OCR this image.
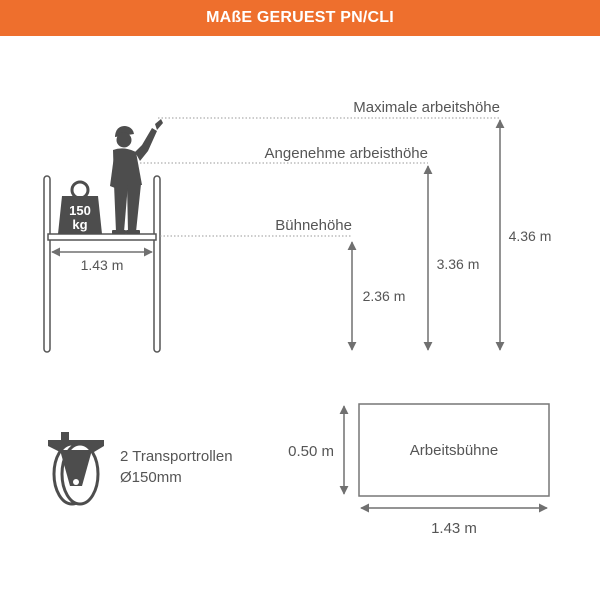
MAßE GERUEST PN/CLI
150
kg
1.43 m
Maximale arbeitshöhe
Angenehme arbeisthöhe
Bühnehöhe
2.36 m
3.36 m
4.36 m
2 Transportrollen
Ø150mm
Arbeitsbühne
0.50 m
1.43 m
